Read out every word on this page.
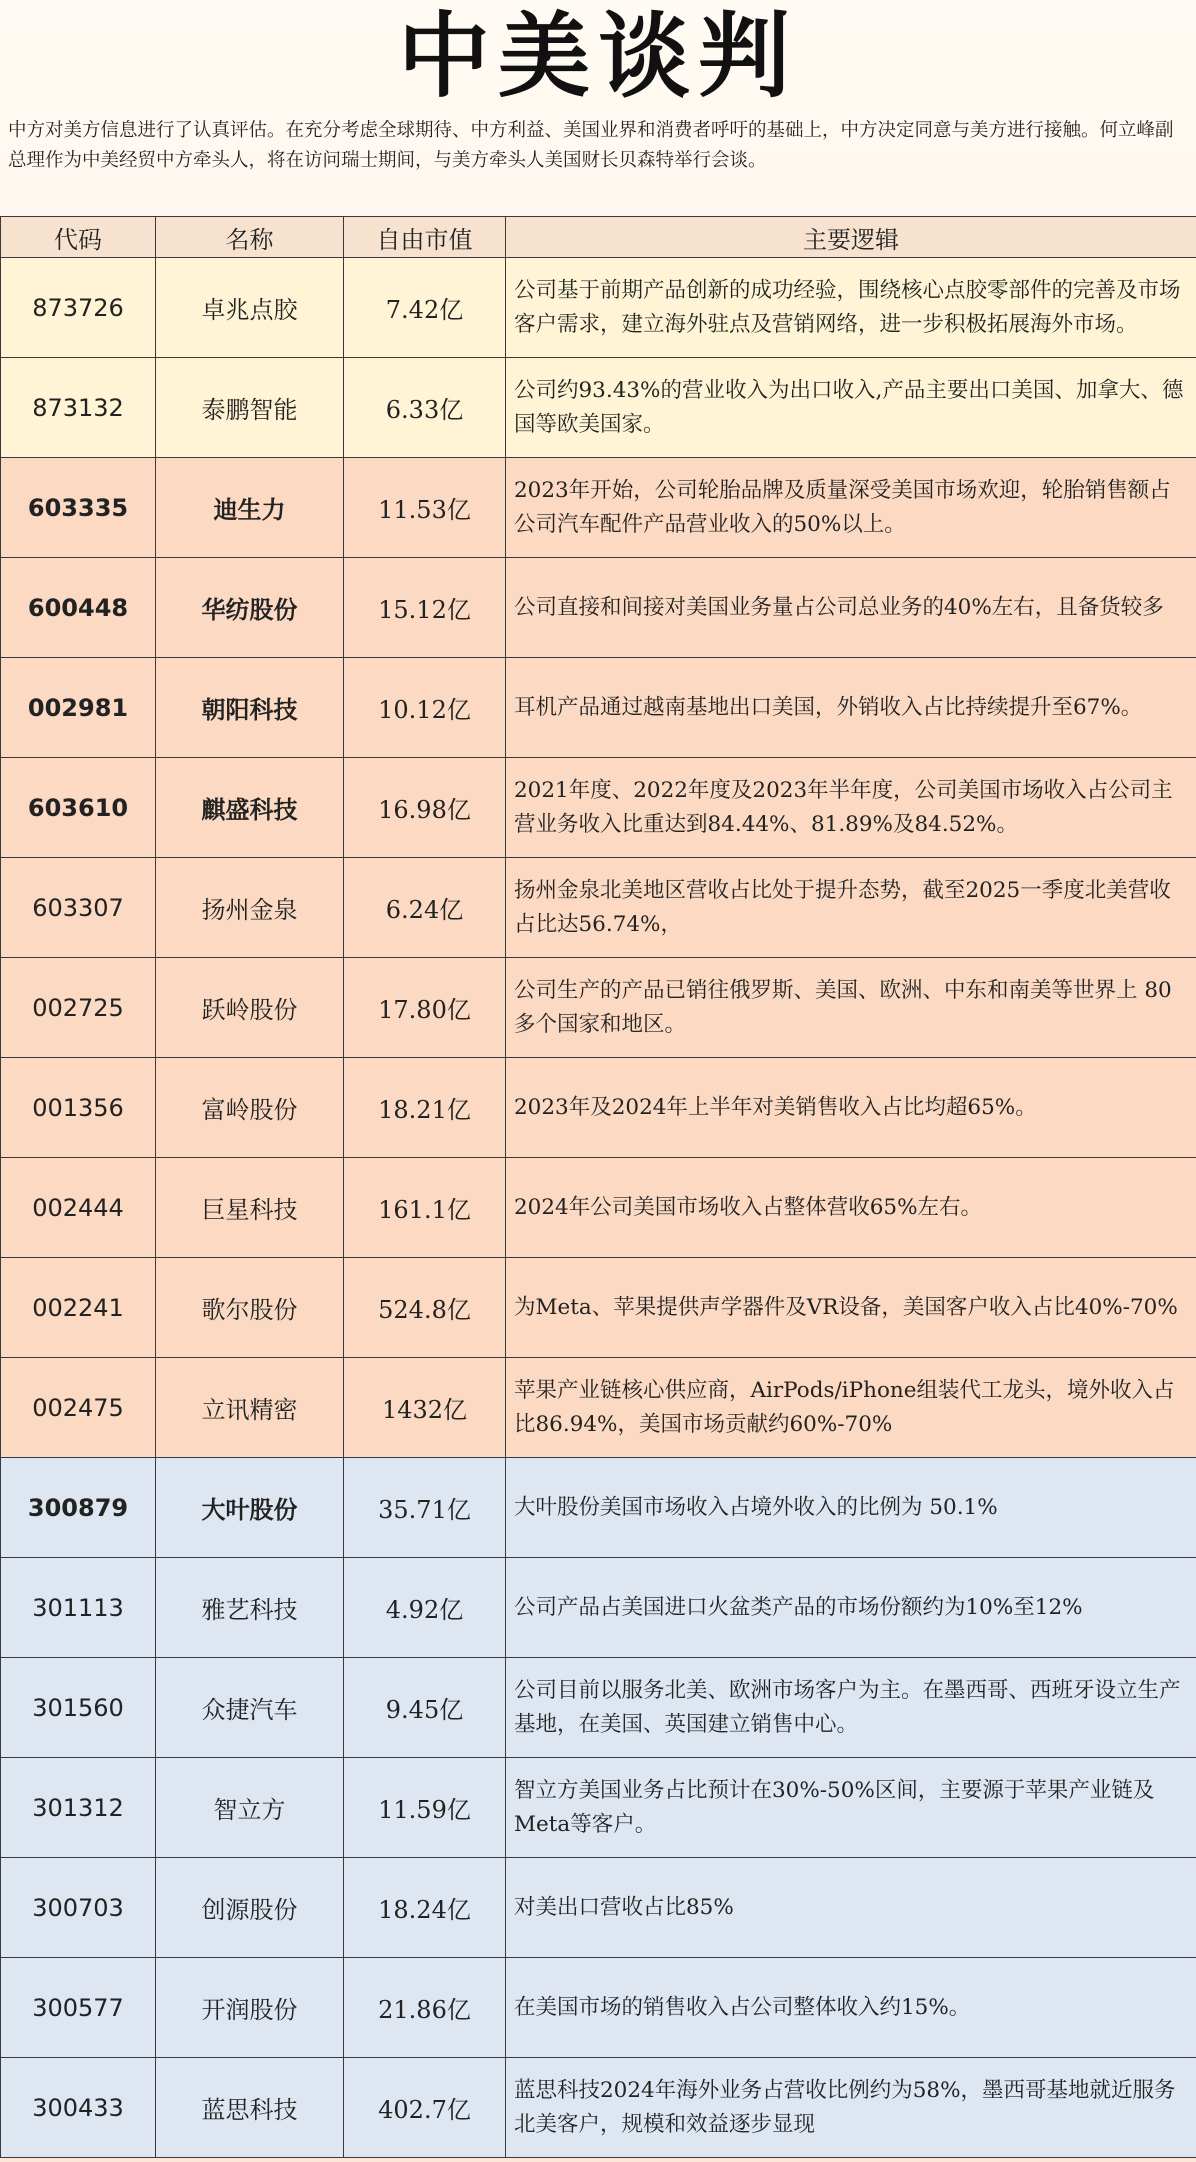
中美谈判
中方对美方信息进行了认真评估。在充分考虑全球期待、中方利益、美国业界和消费者呼吁的基础上，中方决定同意与美方进行接触。何立峰副总理作为中美经贸中方牵头人，将在访问瑞士期间，与美方牵头人美国财长贝森特举行会谈。
代码	名称	自由市值	主要逻辑
873726	卓兆点胶	7.42亿	公司基于前期产品创新的成功经验，围绕核心点胶零部件的完善及市场客户需求，建立海外驻点及营销网络，进一步积极拓展海外市场。
873132	泰鹏智能	6.33亿	公司约93.43%的营业收入为出口收入,产品主要出口美国、加拿大、德国等欧美国家。
603335	迪生力	11.53亿	2023年开始，公司轮胎品牌及质量深受美国市场欢迎，轮胎销售额占公司汽车配件产品营业收入的50%以上。
600448	华纺股份	15.12亿	公司直接和间接对美国业务量占公司总业务的40%左右，且备货较多
002981	朝阳科技	10.12亿	耳机产品通过越南基地出口美国，外销收入占比持续提升至67%。
603610	麒盛科技	16.98亿	2021年度、2022年度及2023年半年度，公司美国市场收入占公司主营业务收入比重达到84.44%、81.89%及84.52%。
603307	扬州金泉	6.24亿	扬州金泉北美地区营收占比处于提升态势，截至2025一季度北美营收占比达56.74%，
002725	跃岭股份	17.80亿	公司生产的产品已销往俄罗斯、美国、欧洲、中东和南美等世界上 80多个国家和地区。
001356	富岭股份	18.21亿	2023年及2024年上半年对美销售收入占比均超65%。
002444	巨星科技	161.1亿	2024年公司美国市场收入占整体营收65%左右。
002241	歌尔股份	524.8亿	为Meta、苹果提供声学器件及VR设备，美国客户收入占比40%-70%
002475	立讯精密	1432亿	苹果产业链核心供应商，AirPods/iPhone组装代工龙头，境外收入占比86.94%，美国市场贡献约60%-70%
300879	大叶股份	35.71亿	大叶股份美国市场收入占境外收入的比例为 50.1%
301113	雅艺科技	4.92亿	公司产品占美国进口火盆类产品的市场份额约为10%至12%
301560	众捷汽车	9.45亿	公司目前以服务北美、欧洲市场客户为主。在墨西哥、西班牙设立生产基地，在美国、英国建立销售中心。
301312	智立方	11.59亿	智立方美国业务占比预计在30%-50%区间，主要源于苹果产业链及Meta等客户。
300703	创源股份	18.24亿	对美出口营收占比85%
300577	开润股份	21.86亿	在美国市场的销售收入占公司整体收入约15%。
300433	蓝思科技	402.7亿	蓝思科技2024年海外业务占营收比例约为58%，墨西哥基地就近服务北美客户，规模和效益逐步显现
